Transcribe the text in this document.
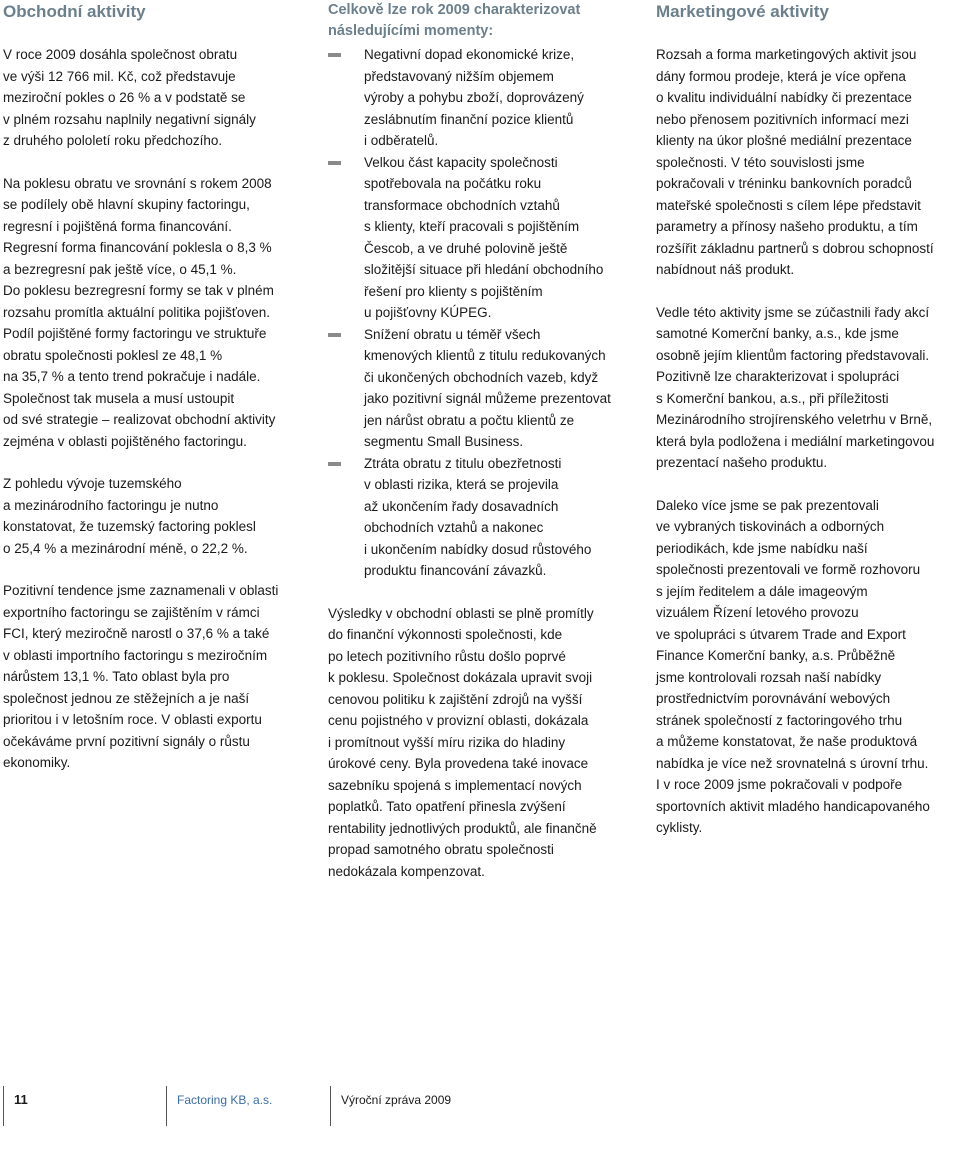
Obchodní aktivity

V roce 2009 dosáhla společnost obratu
ve výši 12 766 mil. Kč, což představuje
meziroční pokles o 26 % a v podstatě se
v plném rozsahu naplnily negativní signály
z druhého pololetí roku předchozího.

Na poklesu obratu ve srovnání s rokem 2008
se podílely obě hlavní skupiny factoringu,
regresní i pojištěná forma financování.
Regresní forma financování poklesla o 8,3 %
a bezregresní pak ještě více, o 45,1 %.
Do poklesu bezregresní formy se tak v plném
rozsahu promítla aktuální politika pojišťoven.
Podíl pojištěné formy factoringu ve struktuře
obratu společnosti poklesl ze 48,1 %
na 35,7 % a tento trend pokračuje i nadále.
Společnost tak musela a musí ustoupit
od své strategie – realizovat obchodní aktivity
zejména v oblasti pojištěného factoringu.

Z pohledu vývoje tuzemského
a mezinárodního factoringu je nutno
konstatovat, že tuzemský factoring poklesl
o 25,4 % a mezinárodní méně, o 22,2 %.

Pozitivní tendence jsme zaznamenali v oblasti
exportního factoringu se zajištěním v rámci
FCI, který meziročně narostl o 37,6 % a také
v oblasti importního factoringu s meziročním
nárůstem 13,1 %. Tato oblast byla pro
společnost jednou ze stěžejních a je naší
prioritou i v letošním roce. V oblasti exportu
očekáváme první pozitivní signály o růstu
ekonomiky.

Celkově lze rok 2009 charakterizovat
následujícími momenty:
Negativní dopad ekonomické krize,
představovaný nižším objemem
výroby a pohybu zboží, doprovázený
zeslábnutím finanční pozice klientů
i odběratelů.
Velkou část kapacity společnosti
spotřebovala na počátku roku
transformace obchodních vztahů
s klienty, kteří pracovali s pojištěním
Čescob, a ve druhé polovině ještě
složitější situace při hledání obchodního
řešení pro klienty s pojištěním
u pojišťovny KÚPEG.
Snížení obratu u téměř všech
kmenových klientů z titulu redukovaných
či ukončených obchodních vazeb, když
jako pozitivní signál můžeme prezentovat
jen nárůst obratu a počtu klientů ze
segmentu Small Business.
Ztráta obratu z titulu obezřetnosti
v oblasti rizika, která se projevila
až ukončením řady dosavadních
obchodních vztahů a nakonec
i ukončením nabídky dosud růstového
produktu financování závazků.

Výsledky v obchodní oblasti se plně promítly
do finanční výkonnosti společnosti, kde
po letech pozitivního růstu došlo poprvé
k poklesu. Společnost dokázala upravit svoji
cenovou politiku k zajištění zdrojů na vyšší
cenu pojistného v provizní oblasti, dokázala
i promítnout vyšší míru rizika do hladiny
úrokové ceny. Byla provedena také inovace
sazebníku spojená s implementací nových
poplatků. Tato opatření přinesla zvýšení
rentability jednotlivých produktů, ale finančně
propad samotného obratu společnosti
nedokázala kompenzovat.

Marketingové aktivity

Rozsah a forma marketingových aktivit jsou
dány formou prodeje, která je více opřena
o kvalitu individuální nabídky či prezentace
nebo přenosem pozitivních informací mezi
klienty na úkor plošné mediální prezentace
společnosti. V této souvislosti jsme
pokračovali v tréninku bankovních poradců
mateřské společnosti s cílem lépe představit
parametry a přínosy našeho produktu, a tím
rozšířit základnu partnerů s dobrou schopností
nabídnout náš produkt.

Vedle této aktivity jsme se zúčastnili řady akcí
samotné Komerční banky, a.s., kde jsme
osobně jejím klientům factoring představovali.
Pozitivně lze charakterizovat i spolupráci
s Komerční bankou, a.s., při příležitosti
Mezinárodního strojírenského veletrhu v Brně,
která byla podložena i mediální marketingovou
prezentací našeho produktu.

Daleko více jsme se pak prezentovali
ve vybraných tiskovinách a odborných
periodikách, kde jsme nabídku naší
společnosti prezentovali ve formě rozhovoru
s jejím ředitelem a dále imageovým
vizuálem Řízení letového provozu
ve spolupráci s útvarem Trade and Export
Finance Komerční banky, a.s. Průběžně
jsme kontrolovali rozsah naší nabídky
prostřednictvím porovnávání webových
stránek společností z factoringového trhu
a můžeme konstatovat, že naše produktová
nabídka je více než srovnatelná s úrovní trhu.
I v roce 2009 jsme pokračovali v podpoře
sportovních aktivit mladého handicapovaného
cyklisty.

11	Factoring KB, a.s.	Výroční zpráva 2009
